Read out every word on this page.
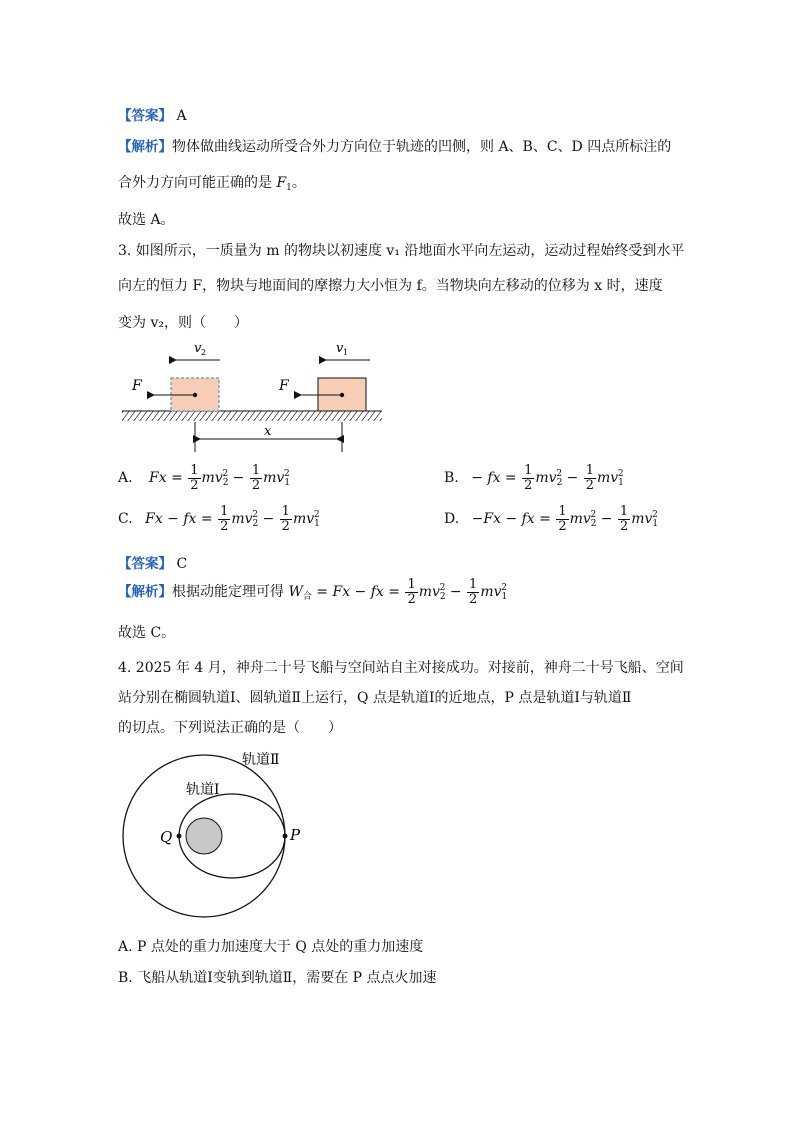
【答案】 A
【解析】物体做曲线运动所受合外力方向位于轨迹的凹侧，则 A、B、C、D 四点所标注的
合外力方向可能正确的是 $F_1$。
故选 A。
3. 如图所示，一质量为 m 的物块以初速度 v₁ 沿地面水平向左运动，运动过程始终受到水平
向左的恒力 F，物块与地面间的摩擦力大小恒为 f。当物块向左移动的位移为 x 时，速度
变为 v₂，则（　　）
F	F
v 2	v 1
x
A. $Fx = \frac{1}{2} mv_2^2 - \frac{1}{2} mv_1^2$	B. − fx = $\frac{1}{2} mv_2^2 - \frac{1}{2} mv_1^2$
C. Fx − fx = $\frac{1}{2} mv_2^2 - \frac{1}{2} mv_1^2$	D. −Fx − fx = $\frac{1}{2} mv_2^2 - \frac{1}{2} mv_1^2$
【答案】 C
【解析】根据动能定理可得 $W_合 = Fx$ − fx = $\frac{1}{2} mv_2^2 - \frac{1}{2} mv_1^2$
故选 C。
4. 2025 年 4 月，神舟二十号飞船与空间站自主对接成功。对接前，神舟二十号飞船、空间
站分别在椭圆轨道Ⅰ、圆轨道Ⅱ上运行，Q 点是轨道Ⅰ的近地点，P 点是轨道Ⅰ与轨道Ⅱ
的切点。下列说法正确的是（　　）
轨道Ⅱ
轨道Ⅰ
Q	P
A. P 点处的重力加速度大于 Q 点处的重力加速度
B. 飞船从轨道Ⅰ变轨到轨道Ⅱ，需要在 P 点点火加速
